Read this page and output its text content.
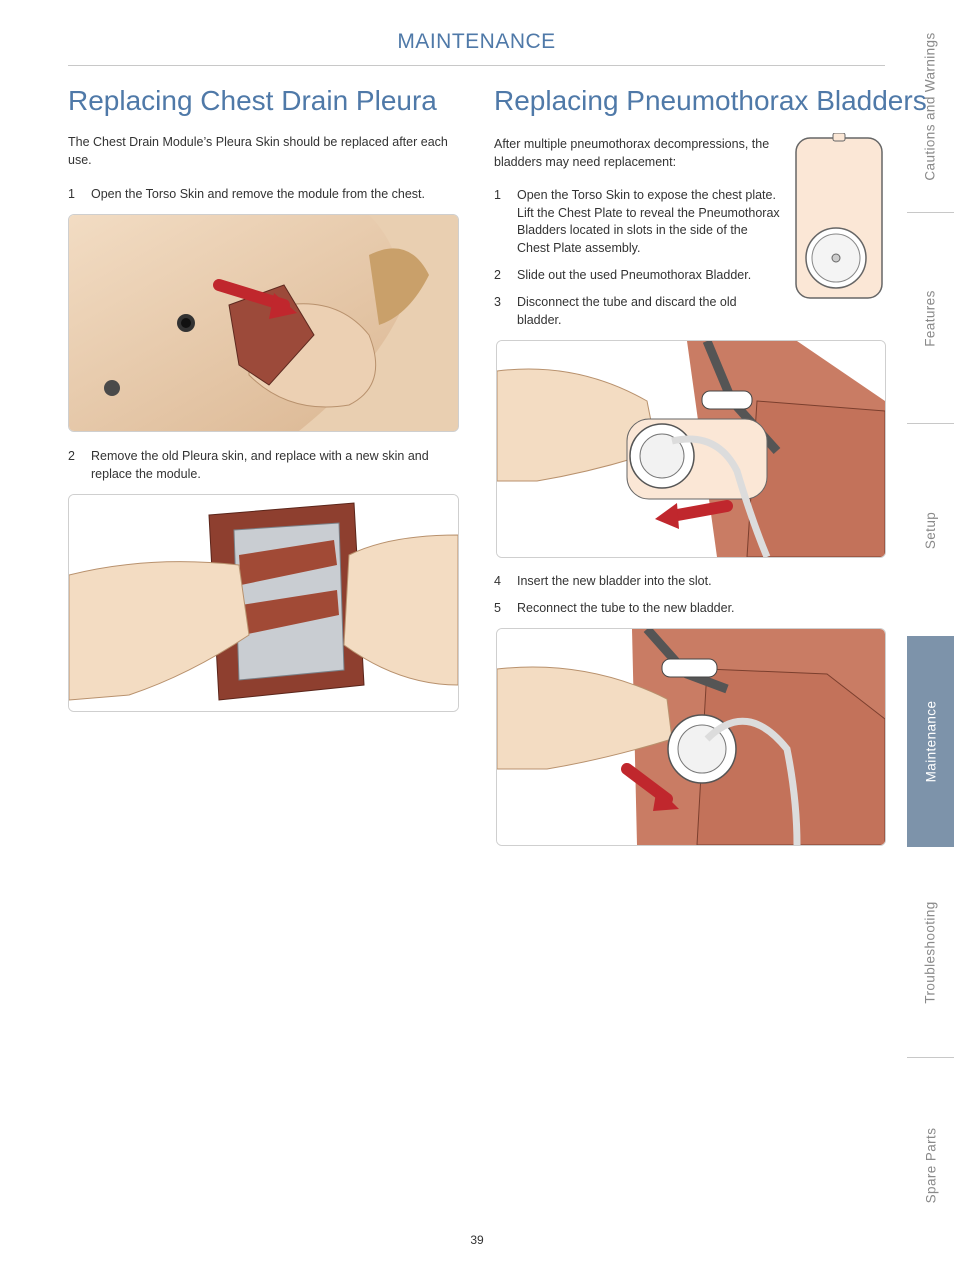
MAINTENANCE
Replacing Chest Drain Pleura

The Chest Drain Module’s Pleura Skin should be replaced after each use.

1 Open the Torso Skin and remove the module from the chest.
2 Remove the old Pleura skin, and replace with a new skin and replace the module.
Replacing Pneumothorax Bladders

After multiple pneumothorax decompressions, the bladders may need replacement:

1 Open the Torso Skin to expose the chest plate. Lift the Chest Plate to reveal the Pneumothorax Bladders located in slots in the side of the Chest Plate assembly.
2 Slide out the used Pneumothorax Bladder.
3 Disconnect the tube and discard the old bladder.
4 Insert the new bladder into the slot.
5 Reconnect the tube to the new bladder.
Cautions and Warnings
Features
Setup
Maintenance
Troubleshooting
Spare Parts
39
